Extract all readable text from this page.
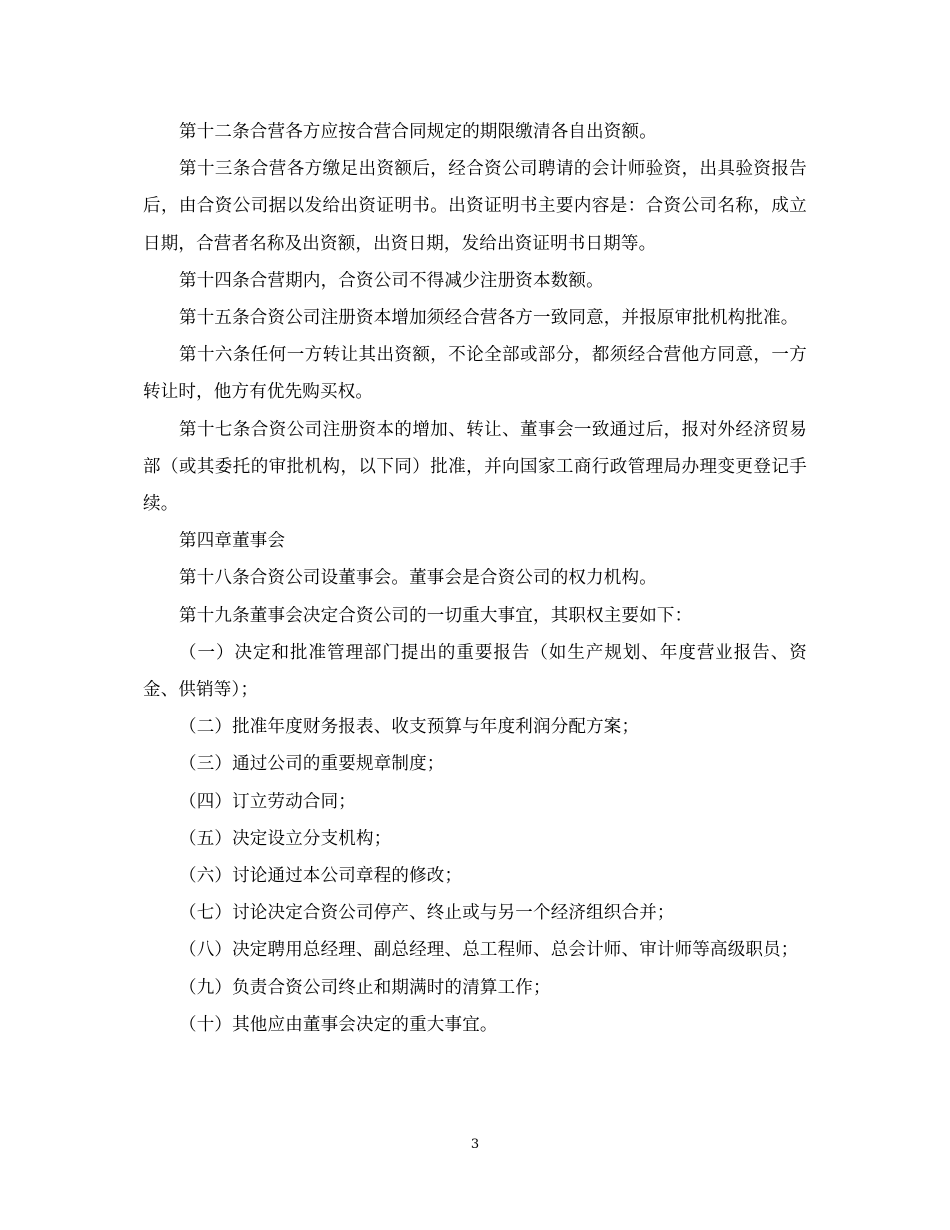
第十二条合营各方应按合营合同规定的期限缴清各自出资额。

第十三条合营各方缴足出资额后，经合资公司聘请的会计师验资，出具验资报告后，由合资公司据以发给出资证明书。出资证明书主要内容是：合资公司名称，成立日期，合营者名称及出资额，出资日期，发给出资证明书日期等。

第十四条合营期内，合资公司不得减少注册资本数额。

第十五条合资公司注册资本增加须经合营各方一致同意，并报原审批机构批准。

第十六条任何一方转让其出资额，不论全部或部分，都须经合营他方同意，一方转让时，他方有优先购买权。

第十七条合资公司注册资本的增加、转让、董事会一致通过后，报对外经济贸易部（或其委托的审批机构，以下同）批准，并向国家工商行政管理局办理变更登记手续。

第四章董事会

第十八条合资公司设董事会。董事会是合资公司的权力机构。

第十九条董事会决定合资公司的一切重大事宜，其职权主要如下：

（一）决定和批准管理部门提出的重要报告（如生产规划、年度营业报告、资金、供销等）；

（二）批准年度财务报表、收支预算与年度利润分配方案；

（三）通过公司的重要规章制度；

（四）订立劳动合同；

（五）决定设立分支机构；

（六）讨论通过本公司章程的修改；

（七）讨论决定合资公司停产、终止或与另一个经济组织合并；

（八）决定聘用总经理、副总经理、总工程师、总会计师、审计师等高级职员；

（九）负责合资公司终止和期满时的清算工作；

（十）其他应由董事会决定的重大事宜。

3
